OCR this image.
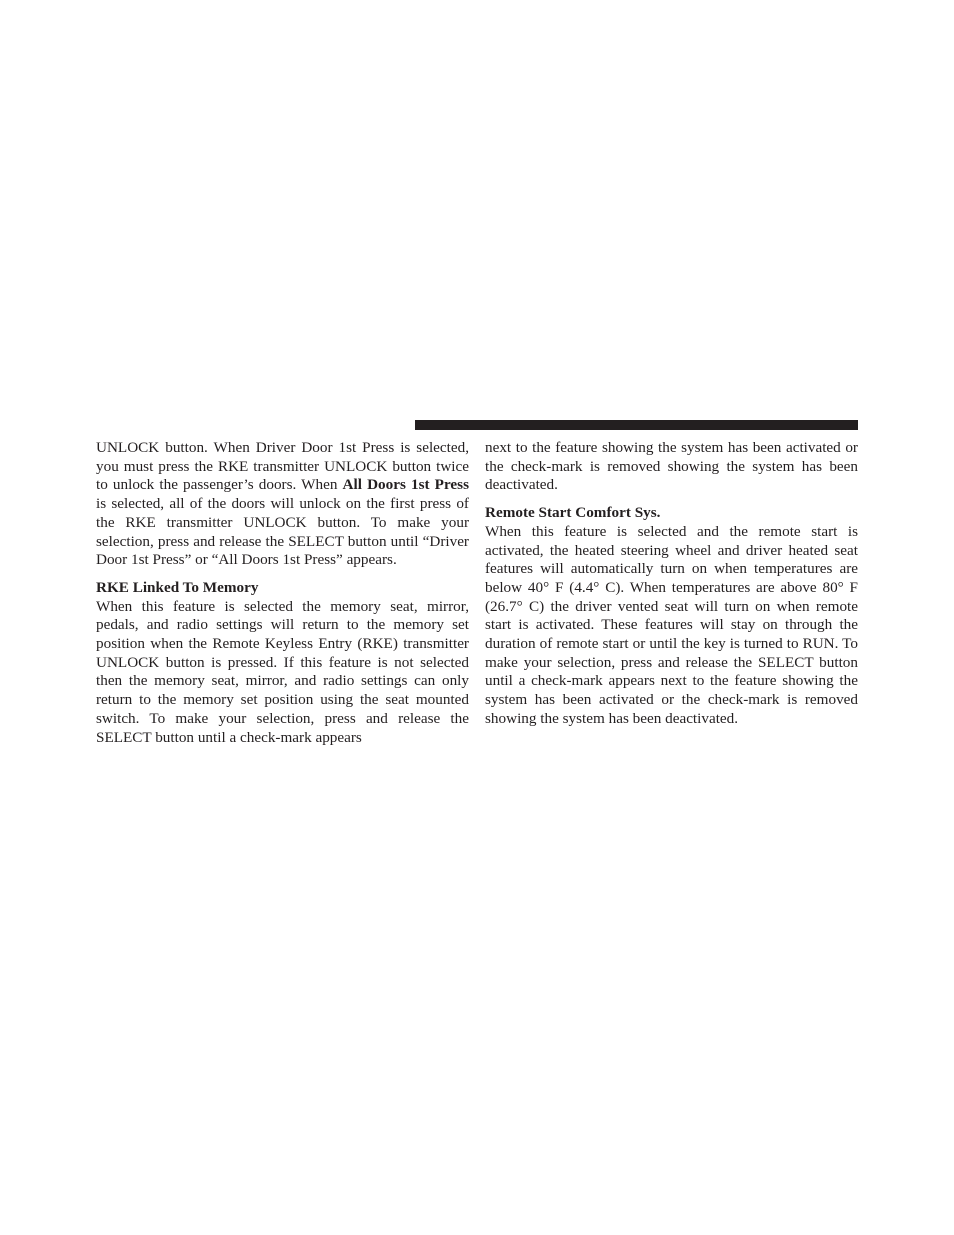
UNLOCK button. When Driver Door 1st Press is selected, you must press the RKE transmitter UNLOCK button twice to unlock the passenger’s doors. When All Doors 1st Press is selected, all of the doors will unlock on the first press of the RKE transmitter UNLOCK button. To make your selection, press and release the SELECT button until “Driver Door 1st Press” or “All Doors 1st Press” appears.

RKE Linked To Memory

When this feature is selected the memory seat, mirror, pedals, and radio settings will return to the memory set position when the Remote Keyless Entry (RKE) transmitter UNLOCK button is pressed. If this feature is not selected then the memory seat, mirror, and radio settings can only return to the memory set position using the seat mounted switch. To make your selection, press and release the SELECT button until a check-mark appears

next to the feature showing the system has been activated or the check-mark is removed showing the system has been deactivated.

Remote Start Comfort Sys.

When this feature is selected and the remote start is activated, the heated steering wheel and driver heated seat features will automatically turn on when temperatures are below 40° F (4.4° C). When temperatures are above 80° F (26.7° C) the driver vented seat will turn on when remote start is activated. These features will stay on through the duration of remote start or until the key is turned to RUN. To make your selection, press and release the SELECT button until a check-mark appears next to the feature showing the system has been activated or the check-mark is removed showing the system has been deactivated.
